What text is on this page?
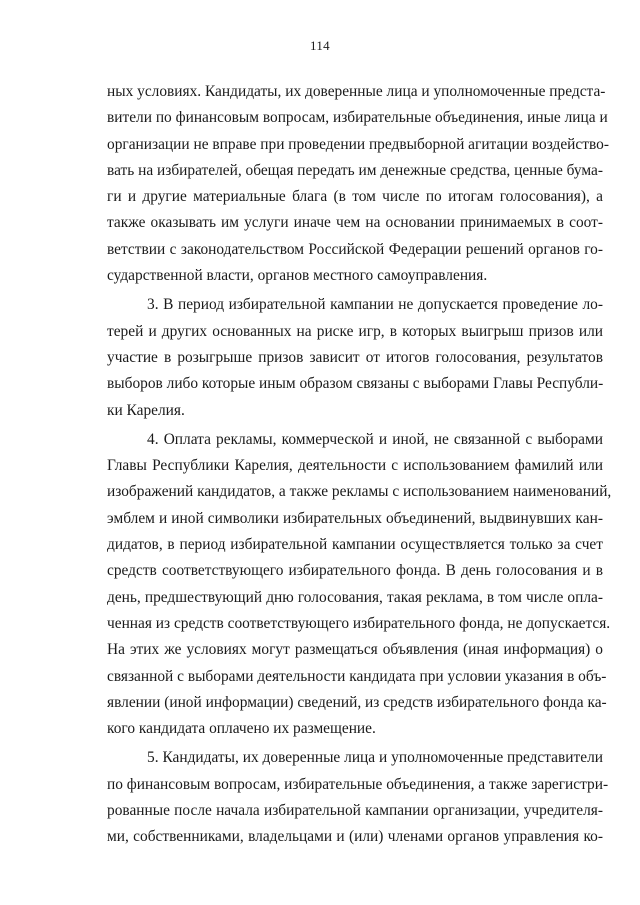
114
ных условиях. Кандидаты, их доверенные лица и уполномоченные предста-
вители по финансовым вопросам, избирательные объединения, иные лица и
организации не вправе при проведении предвыборной агитации воздейство-
вать на избирателей, обещая передать им денежные средства, ценные бума-
ги и другие материальные блага (в том числе по итогам голосования), а
также оказывать им услуги иначе чем на основании принимаемых в соот-
ветствии с законодательством Российской Федерации решений органов го-
сударственной власти, органов местного самоуправления.
3. В период избирательной кампании не допускается проведение ло-
терей и других основанных на риске игр, в которых выигрыш призов или
участие в розыгрыше призов зависит от итогов голосования, результатов
выборов либо которые иным образом связаны с выборами Главы Республи-
ки Карелия.
4. Оплата рекламы, коммерческой и иной, не связанной с выборами
Главы Республики Карелия, деятельности с использованием фамилий или
изображений кандидатов, а также рекламы с использованием наименований,
эмблем и иной символики избирательных объединений, выдвинувших кан-
дидатов, в период избирательной кампании осуществляется только за счет
средств соответствующего избирательного фонда. В день голосования и в
день, предшествующий дню голосования, такая реклама, в том числе опла-
ченная из средств соответствующего избирательного фонда, не допускается.
На этих же условиях могут размещаться объявления (иная информация) о
связанной с выборами деятельности кандидата при условии указания в объ-
явлении (иной информации) сведений, из средств избирательного фонда ка-
кого кандидата оплачено их размещение.
5. Кандидаты, их доверенные лица и уполномоченные представители
по финансовым вопросам, избирательные объединения, а также зарегистри-
рованные после начала избирательной кампании организации, учредителя-
ми, собственниками, владельцами и (или) членами органов управления ко-
